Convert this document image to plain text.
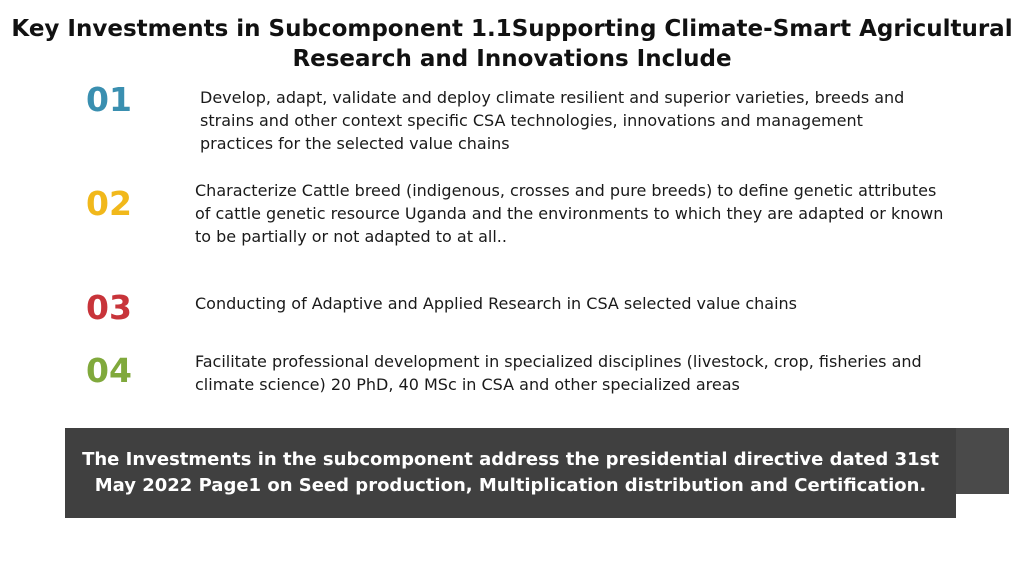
Key Investments in Subcomponent 1.1Supporting Climate-Smart Agricultural Research and Innovations Include
01	Develop, adapt, validate and deploy climate resilient and superior varieties, breeds and strains and other context specific CSA technologies, innovations and management practices for the selected value chains

02	Characterize Cattle breed (indigenous, crosses and pure breeds) to define genetic attributes of cattle genetic resource Uganda and the environments to which they are adapted or known to be partially or not adapted to at all..

03	Conducting of Adaptive and Applied Research in CSA selected value chains

04	Facilitate professional development in specialized disciplines (livestock, crop, fisheries and climate science) 20 PhD, 40 MSc in CSA and other specialized areas

The Investments in the subcomponent address the presidential directive dated 31st May 2022 Page1 on Seed production, Multiplication distribution and Certification.
